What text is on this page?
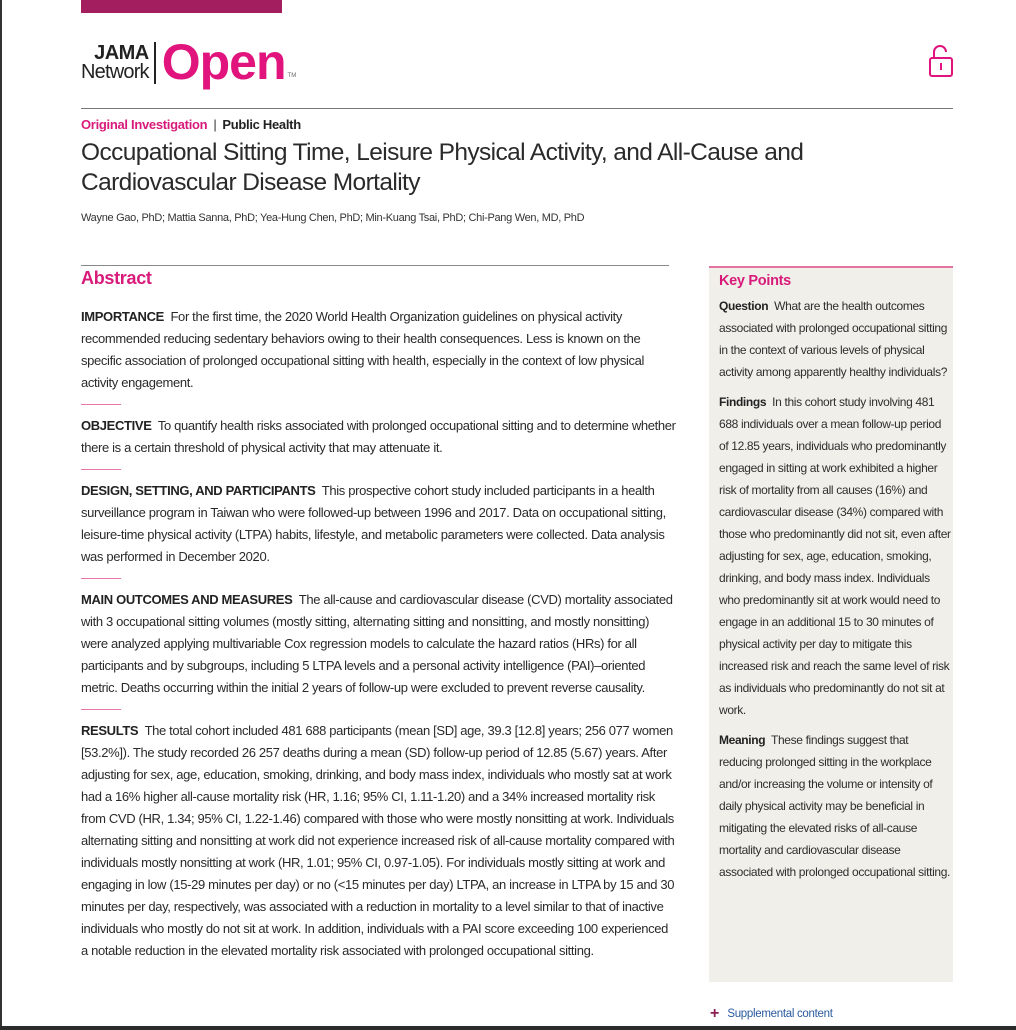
JAMA
Network Open TM
Original Investigation | Public Health
Occupational Sitting Time, Leisure Physical Activity, and All-Cause and Cardiovascular Disease Mortality
Wayne Gao, PhD; Mattia Sanna, PhD; Yea-Hung Chen, PhD; Min-Kuang Tsai, PhD; Chi-Pang Wen, MD, PhD
Abstract

IMPORTANCE For the first time, the 2020 World Health Organization guidelines on physical activity recommended reducing sedentary behaviors owing to their health consequences. Less is known on the specific association of prolonged occupational sitting with health, especially in the context of low physical activity engagement.

OBJECTIVE To quantify health risks associated with prolonged occupational sitting and to determine whether there is a certain threshold of physical activity that may attenuate it.

DESIGN, SETTING, AND PARTICIPANTS This prospective cohort study included participants in a health surveillance program in Taiwan who were followed-up between 1996 and 2017. Data on occupational sitting, leisure-time physical activity (LTPA) habits, lifestyle, and metabolic parameters were collected. Data analysis was performed in December 2020.

MAIN OUTCOMES AND MEASURES The all-cause and cardiovascular disease (CVD) mortality associated with 3 occupational sitting volumes (mostly sitting, alternating sitting and nonsitting, and mostly nonsitting) were analyzed applying multivariable Cox regression models to calculate the hazard ratios (HRs) for all participants and by subgroups, including 5 LTPA levels and a personal activity intelligence (PAI)–oriented metric. Deaths occurring within the initial 2 years of follow-up were excluded to prevent reverse causality.

RESULTS The total cohort included 481 688 participants (mean [SD] age, 39.3 [12.8] years; 256 077 women [53.2%]). The study recorded 26 257 deaths during a mean (SD) follow-up period of 12.85 (5.67) years. After adjusting for sex, age, education, smoking, drinking, and body mass index, individuals who mostly sat at work had a 16% higher all-cause mortality risk (HR, 1.16; 95% CI, 1.11-1.20) and a 34% increased mortality risk from CVD (HR, 1.34; 95% CI, 1.22-1.46) compared with those who were mostly nonsitting at work. Individuals alternating sitting and nonsitting at work did not experience increased risk of all-cause mortality compared with individuals mostly nonsitting at work (HR, 1.01; 95% CI, 0.97-1.05). For individuals mostly sitting at work and engaging in low (15-29 minutes per day) or no (<15 minutes per day) LTPA, an increase in LTPA by 15 and 30 minutes per day, respectively, was associated with a reduction in mortality to a level similar to that of inactive individuals who mostly do not sit at work. In addition, individuals with a PAI score exceeding 100 experienced a notable reduction in the elevated mortality risk associated with prolonged occupational sitting.

Key Points

Question What are the health outcomes associated with prolonged occupational sitting in the context of various levels of physical activity among apparently healthy individuals?

Findings In this cohort study involving 481 688 individuals over a mean follow-up period of 12.85 years, individuals who predominantly engaged in sitting at work exhibited a higher risk of mortality from all causes (16%) and cardiovascular disease (34%) compared with those who predominantly did not sit, even after adjusting for sex, age, education, smoking, drinking, and body mass index. Individuals who predominantly sit at work would need to engage in an additional 15 to 30 minutes of physical activity per day to mitigate this increased risk and reach the same level of risk as individuals who predominantly do not sit at work.

Meaning These findings suggest that reducing prolonged sitting in the workplace and/or increasing the volume or intensity of daily physical activity may be beneficial in mitigating the elevated risks of all-cause mortality and cardiovascular disease associated with prolonged occupational sitting.

+ Supplemental content
